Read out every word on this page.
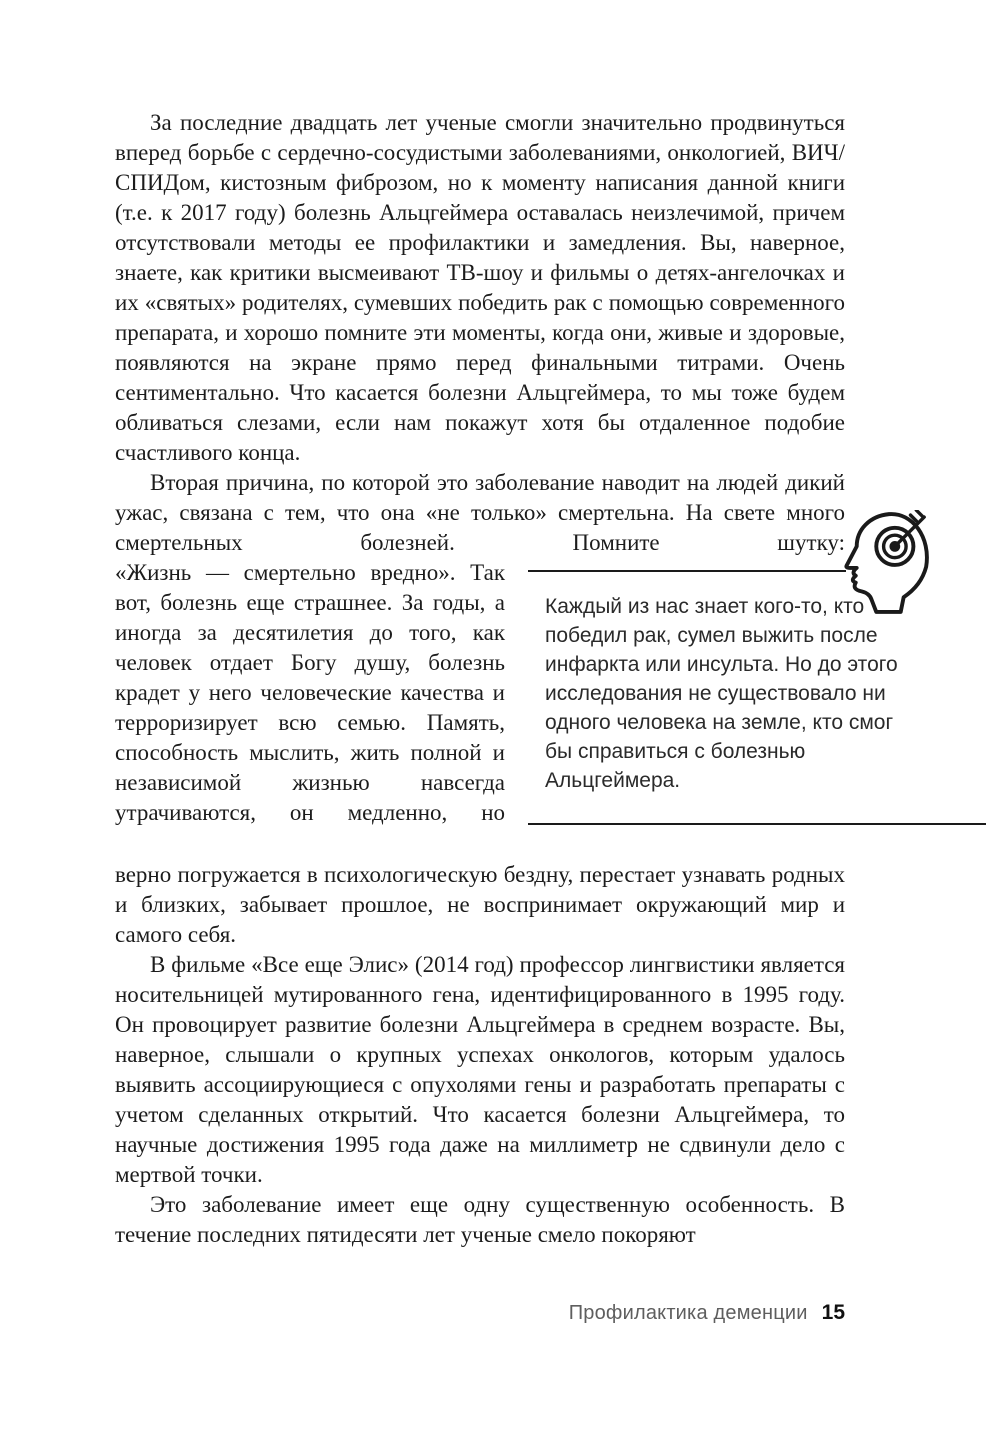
За последние двадцать лет ученые смогли значительно продвинуться вперед борьбе с сердечно-сосудистыми заболеваниями, онкологией, ВИЧ/СПИДом, кистозным фиброзом, но к моменту написания данной книги (т.е. к 2017 году) болезнь Альцгеймера оставалась неизлечимой, причем отсутствовали методы ее профилактики и замедления. Вы, наверное, знаете, как критики высмеивают ТВ-шоу и фильмы о детях-ангелочках и их «святых» родителях, сумевших победить рак с помощью современного препарата, и хорошо помните эти моменты, когда они, живые и здоровые, появляются на экране прямо перед финальными титрами. Очень сентиментально. Что касается болезни Альцгеймера, то мы тоже будем обливаться слезами, если нам покажут хотя бы отдаленное подобие счастливого конца.

Вторая причина, по которой это заболевание наводит на людей дикий ужас, связана с тем, что она «не только» смертельна. На свете много смертельных болезней. Помните шутку:

«Жизнь — смертельно вредно». Так вот, болезнь еще страшнее. За годы, а иногда за десятилетия до того, как человек отдает Богу душу, болезнь крадет у него человеческие качества и терроризирует всю семью. Память, способность мыслить, жить полной и независимой жизнью навсегда утрачиваются, он медленно, но

Каждый из нас знает кого-то, кто победил рак, сумел выжить после инфаркта или инсульта. Но до этого исследования не существовало ни одного человека на земле, кто смог бы справиться с болезнью Альцгеймера.

верно погружается в психологическую бездну, перестает узнавать родных и близких, забывает прошлое, не воспринимает окружающий мир и самого себя.

В фильме «Все еще Элис» (2014 год) профессор лингвистики является носительницей мутированного гена, идентифицированного в 1995 году. Он провоцирует развитие болезни Альцгеймера в среднем возрасте. Вы, наверное, слышали о крупных успехах онкологов, которым удалось выявить ассоциирующиеся с опухолями гены и разработать препараты с учетом сделанных открытий. Что касается болезни Альцгеймера, то научные достижения 1995 года даже на миллиметр не сдвинули дело с мертвой точки.

Это заболевание имеет еще одну существенную особенность. В течение последних пятидесяти лет ученые смело покоряют

Профилактика деменции 15
